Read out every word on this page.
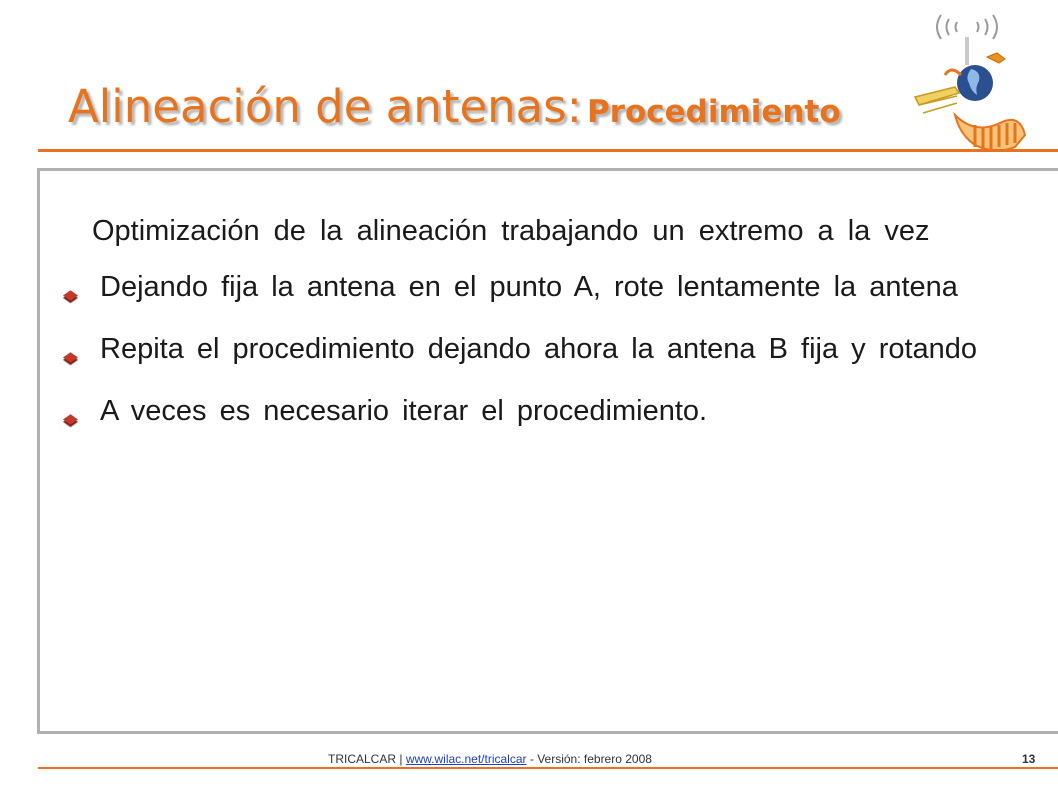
Alineación de antenas: Procedimiento
Optimización de la alineación trabajando un extremo a la vez
Dejando fija la antena en el punto A, rote lentamente la antena
Repita el procedimiento dejando ahora la antena B fija y rotando
A veces es necesario iterar el procedimiento.
TRICALCAR | www.wilac.net/tricalcar - Versión: febrero 2008	13
